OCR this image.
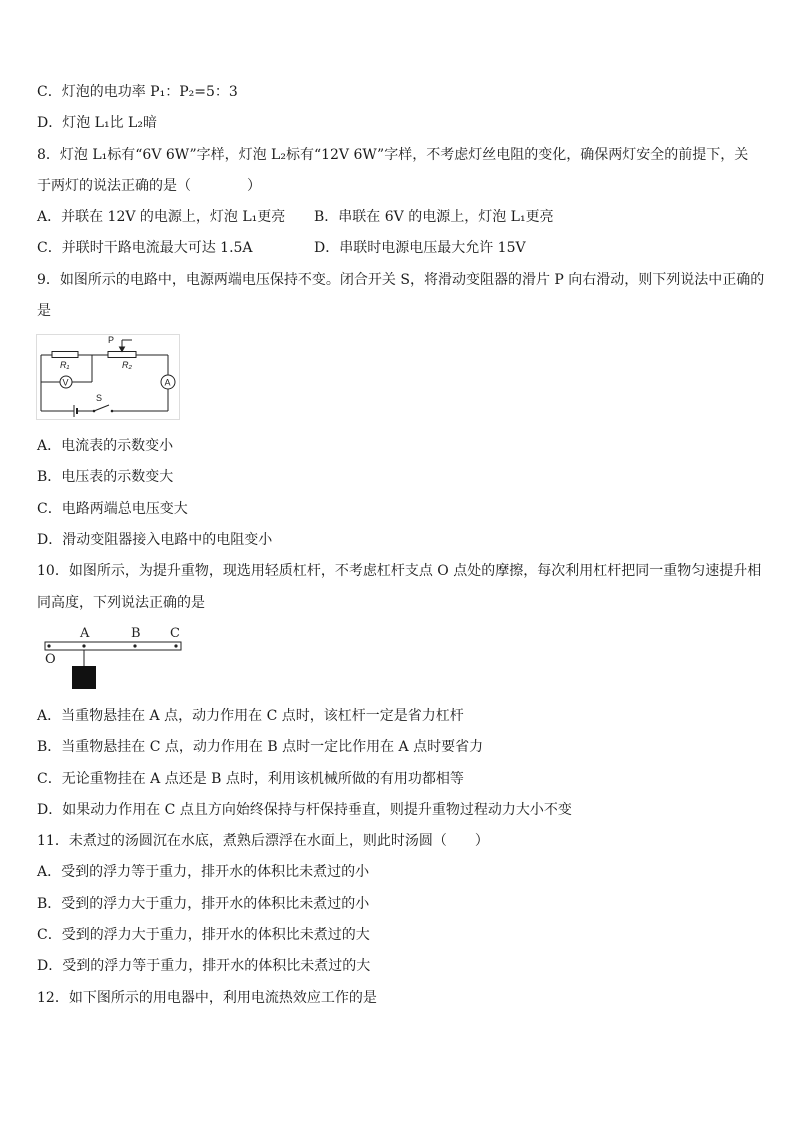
C．灯泡的电功率 P₁：P₂=5：3
D．灯泡 L₁比 L₂暗
8．灯泡 L₁标有“6V 6W”字样，灯泡 L₂标有“12V 6W”字样，不考虑灯丝电阻的变化，确保两灯安全的前提下，关
于两灯的说法正确的是（　　　　）
A．并联在 12V 的电源上，灯泡 L₁更亮 B．串联在 6V 的电源上，灯泡 L₁更亮
C．并联时干路电流最大可达 1.5A	D．串联时电源电压最大允许 15V
9．如图所示的电路中，电源两端电压保持不变。闭合开关 S，将滑动变阻器的滑片 P 向右滑动，则下列说法中正确的
是
P
R₁	R₂
V	A
S
A．电流表的示数变小
B．电压表的示数变大
C．电路两端总电压变大
D．滑动变阻器接入电路中的电阻变小
10．如图所示，为提升重物，现选用轻质杠杆，不考虑杠杆支点 O 点处的摩擦，每次利用杠杆把同一重物匀速提升相
同高度，下列说法正确的是
A	B C
O
A．当重物悬挂在 A 点，动力作用在 C 点时，该杠杆一定是省力杠杆
B．当重物悬挂在 C 点，动力作用在 B 点时一定比作用在 A 点时要省力
C．无论重物挂在 A 点还是 B 点时，利用该机械所做的有用功都相等
D．如果动力作用在 C 点且方向始终保持与杆保持垂直，则提升重物过程动力大小不变
11．未煮过的汤圆沉在水底，煮熟后漂浮在水面上，则此时汤圆（　　）
A．受到的浮力等于重力，排开水的体积比未煮过的小
B．受到的浮力大于重力，排开水的体积比未煮过的小
C．受到的浮力大于重力，排开水的体积比未煮过的大
D．受到的浮力等于重力，排开水的体积比未煮过的大
12．如下图所示的用电器中，利用电流热效应工作的是
